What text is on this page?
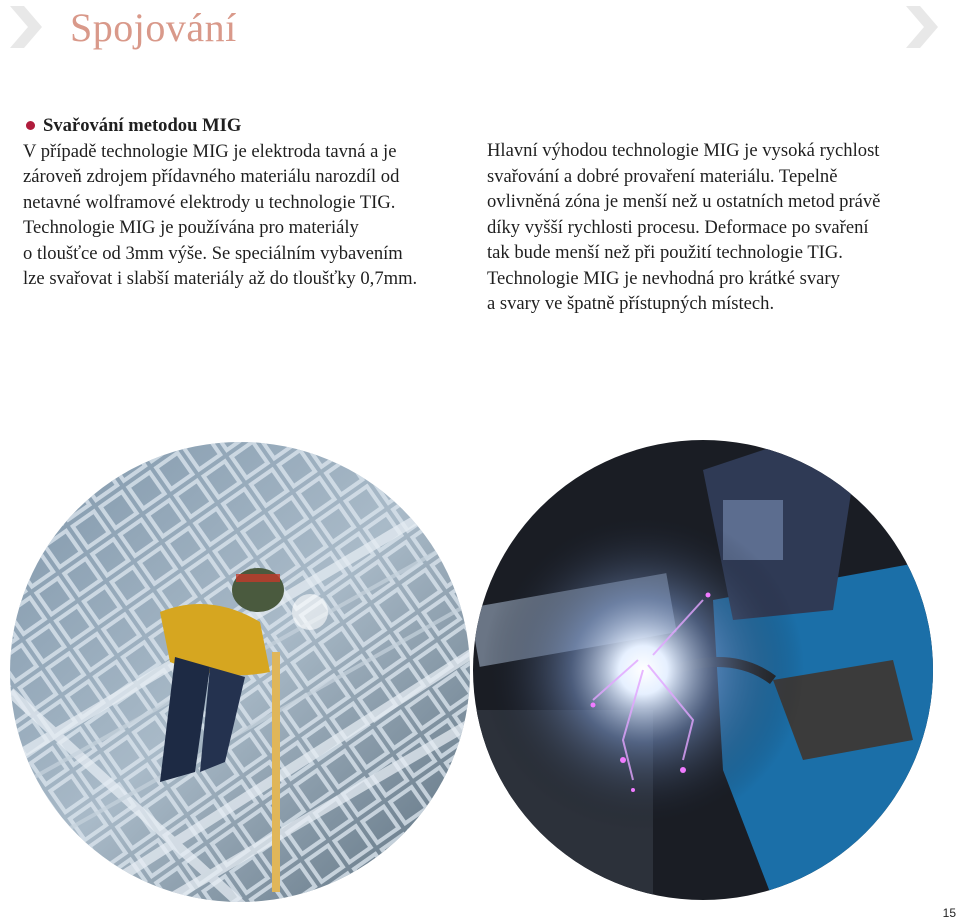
Spojování
Svařování metodou MIG
V případě technologie MIG je elektroda tavná a je
zároveň zdrojem přídavného materiálu narozdíl od
netavné wolframové elektrody u technologie TIG.
Technologie MIG je používána pro materiály
o tloušťce od 3mm výše. Se speciálním vybavením
lze svařovat i slabší materiály až do tloušťky 0,7mm.
Hlavní výhodou technologie MIG je vysoká rychlost
svařování a dobré provaření materiálu. Tepelně
ovlivněná zóna je menší než u ostatních metod právě
díky vyšší rychlosti procesu. Deformace po svaření
tak bude menší než při použití technologie TIG.
Technologie MIG je nevhodná pro krátké svary
a svary ve špatně přístupných místech.
15
